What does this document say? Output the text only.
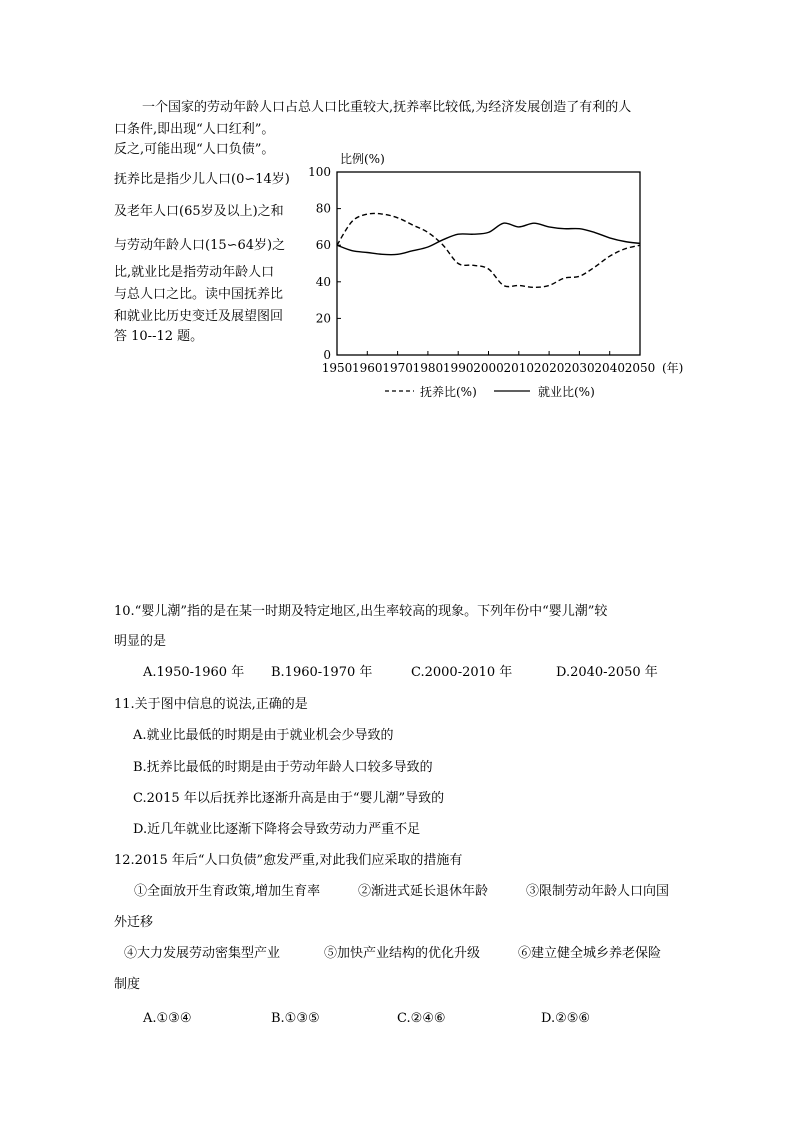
一个国家的劳动年龄人口占总人口比重较大,抚养率比较低,为经济发展创造了有利的人
口条件,即出现“人口红利”。
反之,可能出现“人口负债”。
抚养比是指少儿人口(0∽14岁)
及老年人口(65岁及以上)之和
与劳动年龄人口(15∽64岁)之
比,就业比是指劳动年龄人口
与总人口之比。读中国抚养比
和就业比历史变迁及展望图回
答 10--12 题。
比例(%)
0
20
40
60
80
100
1950 1960 1970 1980 1990 2000 2010 2020 2030 2040 2050 (年)
抚养比(%)	就业比(%)
10.“婴儿潮”指的是在某一时期及特定地区,出生率较高的现象。下列年份中“婴儿潮”较
明显的是
A.1950-1960 年 B.1960-1970 年	C.2000-2010 年	D.2040-2050 年
11.关于图中信息的说法,正确的是
A.就业比最低的时期是由于就业机会少导致的
B.抚养比最低的时期是由于劳动年龄人口较多导致的
C.2015 年以后抚养比逐渐升高是由于“婴儿潮”导致的
D.近几年就业比逐渐下降将会导致劳动力严重不足
12.2015 年后“人口负债”愈发严重,对此我们应采取的措施有
①全面放开生育政策,增加生育率	②渐进式延长退休年龄	③限制劳动年龄人口向国
外迁移
④大力发展劳动密集型产业	⑤加快产业结构的优化升级	⑥建立健全城乡养老保险
制度
A.①③④	B.①③⑤	C.②④⑥	D.②⑤⑥
